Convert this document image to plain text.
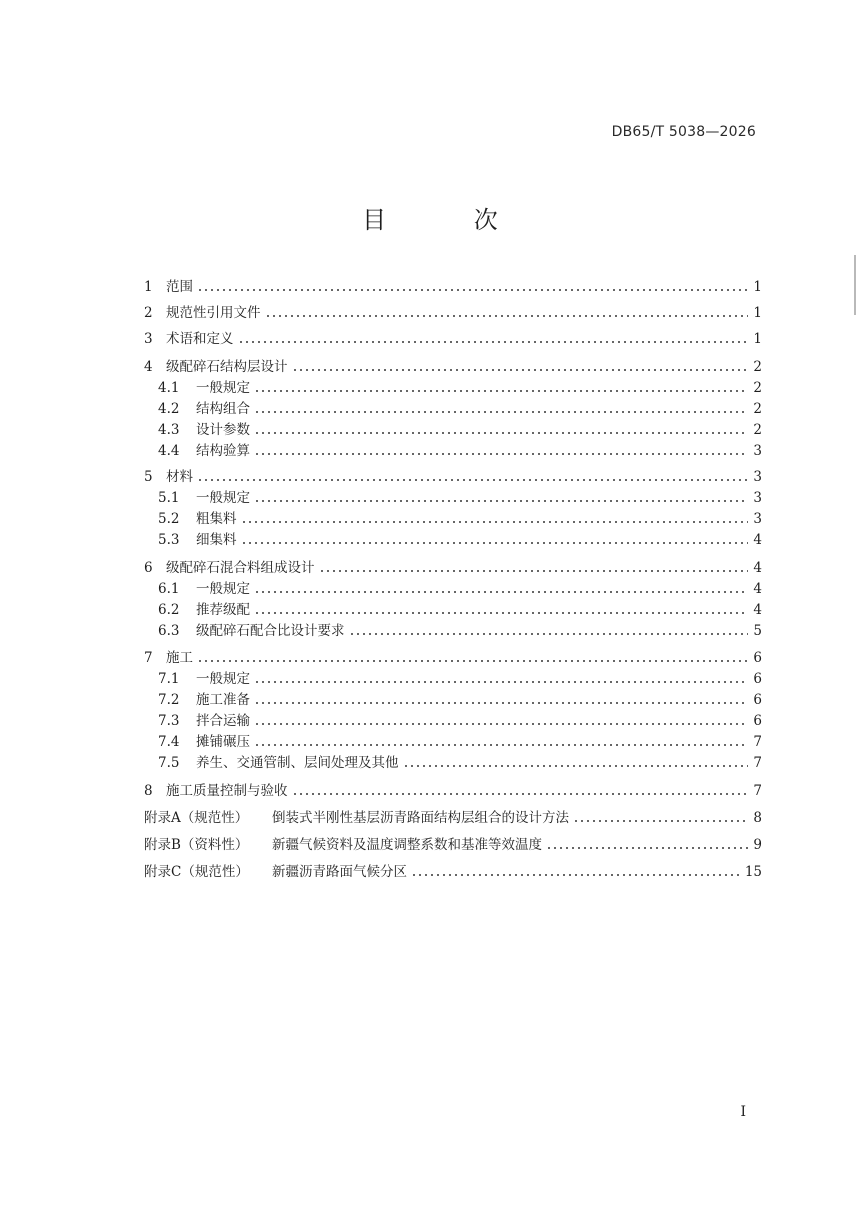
DB65/T 5038—2026
目 次
1 范围	1
2 规范性引用文件	1
3 术语和定义	1
4 级配碎石结构层设计	2
4.1	一般规定	2
4.2	结构组合	2
4.3	设计参数	2
4.4	结构验算	3
5 材料	3
5.1	一般规定	3
5.2	粗集料	3
5.3	细集料	4
6 级配碎石混合料组成设计	4
6.1	一般规定	4
6.2	推荐级配	4
6.3	级配碎石配合比设计要求	5
7 施工	6
7.1	一般规定	6
7.2	施工准备	6
7.3	拌合运输	6
7.4	摊铺碾压	7
7.5	养生、交通管制、层间处理及其他	7
8 施工质量控制与验收	7
附录A（规范性）	倒装式半刚性基层沥青路面结构层组合的设计方法	8
附录B（资料性）	新疆气候资料及温度调整系数和基准等效温度	9
附录C（规范性）	新疆沥青路面气候分区	15
I
